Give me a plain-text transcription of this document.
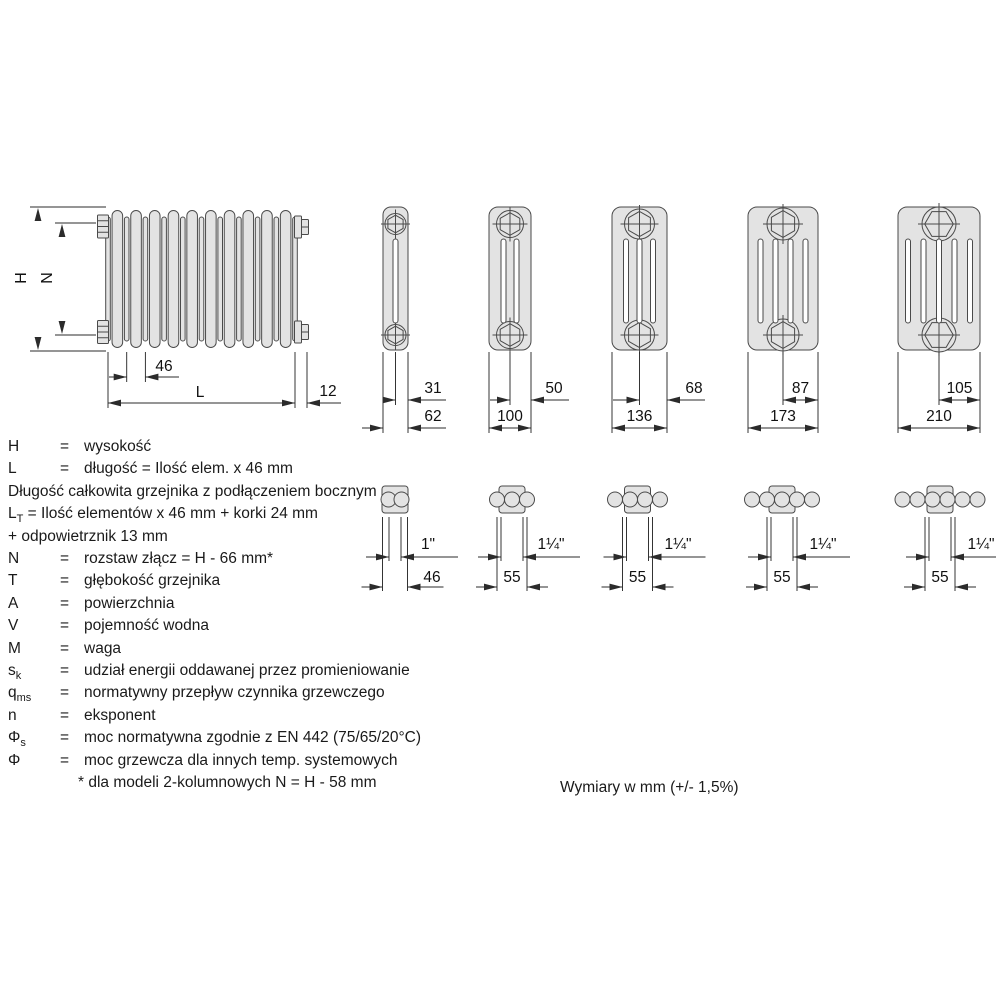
H N
46
L	12	31	50	68	87	105
62	100	136	173	210
1"	1¼"	1¼"	1¼"	1¼"
46	55	55	55	55
H	= wysokość
L	= długość = Ilość elem. x 46 mm
Długość całkowita grzejnika z podłączeniem bocznym
$L_T$ = Ilość elementów x 46 mm + korki 24 mm
+ odpowietrznik 13 mm
N	= rozstaw złącz = H - 66 mm*
T	= głębokość grzejnika
A	= powierzchnia
V	= pojemność wodna
M	= waga
$s_k$	= udział energii oddawanej przez promieniowanie
$q_{ms}$	= normatywny przepływ czynnika grzewczego
n	= eksponent
$\Phi_s$	= moc normatywna zgodnie z EN 442 (75/65/20°C)
Φ	= moc grzewcza dla innych temp. systemowych
* dla modeli 2-kolumnowych N = H - 58 mm	Wymiary w mm (+/- 1,5%)
